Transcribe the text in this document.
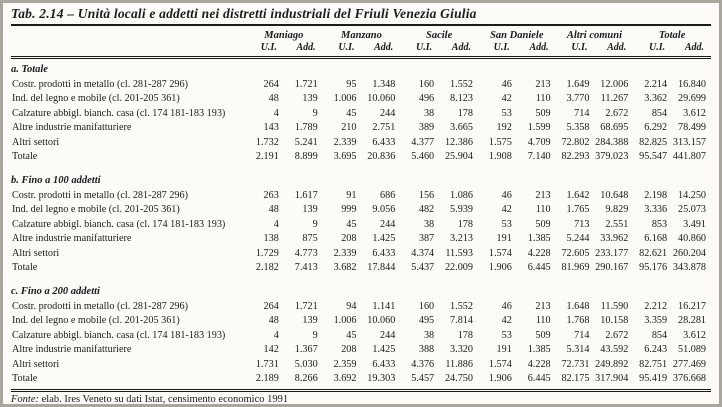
Tab. 2.14 – Unità locali e addetti nei distretti industriali del Friuli Venezia Giulia
	Maniago		Manzano		Sacile		San Daniele		Altri comuni		Totale	
	U.I.	Add.	U.I.	Add.	U.I.	Add.	U.I.	Add.	U.I.	Add.	U.I.	Add.
a. Totale												
Costr. prodotti in metallo (cl. 281-287 296)	264	1.721	95	1.348	160	1.552	46	213	1.649	12.006	2.214	16.840
Ind. del legno e mobile (cl. 201-205 361)	48	139	1.006	10.060	496	8.123	42	110	3.770	11.267	3.362	29.699
Calzature abbigl. bianch. casa (cl. 174 181-183 193)	4	9	45	244	38	178	53	509	714	2.672	854	3.612
Altre industrie manifatturiere	143	1.789	210	2.751	389	3.665	192	1.599	5.358	68.695	6.292	78.499
Altri settori	1.732	5.241	2.339	6.433	4.377	12.386	1.575	4.709	72.802	284.388	82.825	313.157
Totale	2.191	8.899	3.695	20.836	5.460	25.904	1.908	7.140	82.293	379.023	95.547	441.807
b. Fino a 100 addetti												
Costr. prodotti in metallo (cl. 281-287 296)	263	1.617	91	686	156	1.086	46	213	1.642	10.648	2.198	14.250
Ind. del legno e mobile (cl. 201-205 361)	48	139	999	9.056	482	5.939	42	110	1.765	9.829	3.336	25.073
Calzature abbigl. bianch. casa (cl. 174 181-183 193)	4	9	45	244	38	178	53	509	713	2.551	853	3.491
Altre industrie manifatturiere	138	875	208	1.425	387	3.213	191	1.385	5.244	33.962	6.168	40.860
Altri settori	1.729	4.773	2.339	6.433	4.374	11.593	1.574	4.228	72.605	233.177	82.621	260.204
Totale	2.182	7.413	3.682	17.844	5.437	22.009	1.906	6.445	81.969	290.167	95.176	343.878
c. Fino a 200 addetti												
Costr. prodotti in metallo (cl. 281-287 296)	264	1.721	94	1.141	160	1.552	46	213	1.648	11.590	2.212	16.217
Ind. del legno e mobile (cl. 201-205 361)	48	139	1.006	10.060	495	7.814	42	110	1.768	10.158	3.359	28.281
Calzature abbigl. bianch. casa (cl. 174 181-183 193)	4	9	45	244	38	178	53	509	714	2.672	854	3.612
Altre industrie manifatturiere	142	1.367	208	1.425	388	3.320	191	1.385	5.314	43.592	6.243	51.089
Altri settori	1.731	5.030	2.359	6.433	4.376	11.886	1.574	4.228	72.731	249.892	82.751	277.469
Totale	2.189	8.266	3.692	19.303	5.457	24.750	1.906	6.445	82.175	317.904	95.419	376.668
Fonte: elab. Ires Veneto su dati Istat, censimento economico 1991
